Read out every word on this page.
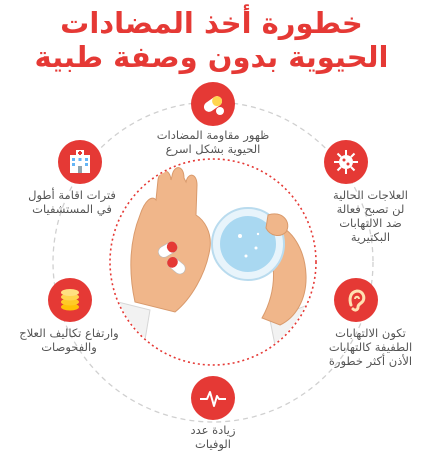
خطورة أخذ المضادات
الحيوية بدون وصفة طبية
ظهور مقاومة المضادات
الحيوية بشكل اسرع
العلاجات الحالية
لن تصبح فعالة
ضد الالتهابات
البكتيرية
تكون الالتهابات
الطفيفة كالتهابات
الأذن أكثر خطورة
زيادة عدد
الوفيات
وارتفاع تكاليف العلاج
والفحوصات
فترات اقامة أطول
في المستشفيات
